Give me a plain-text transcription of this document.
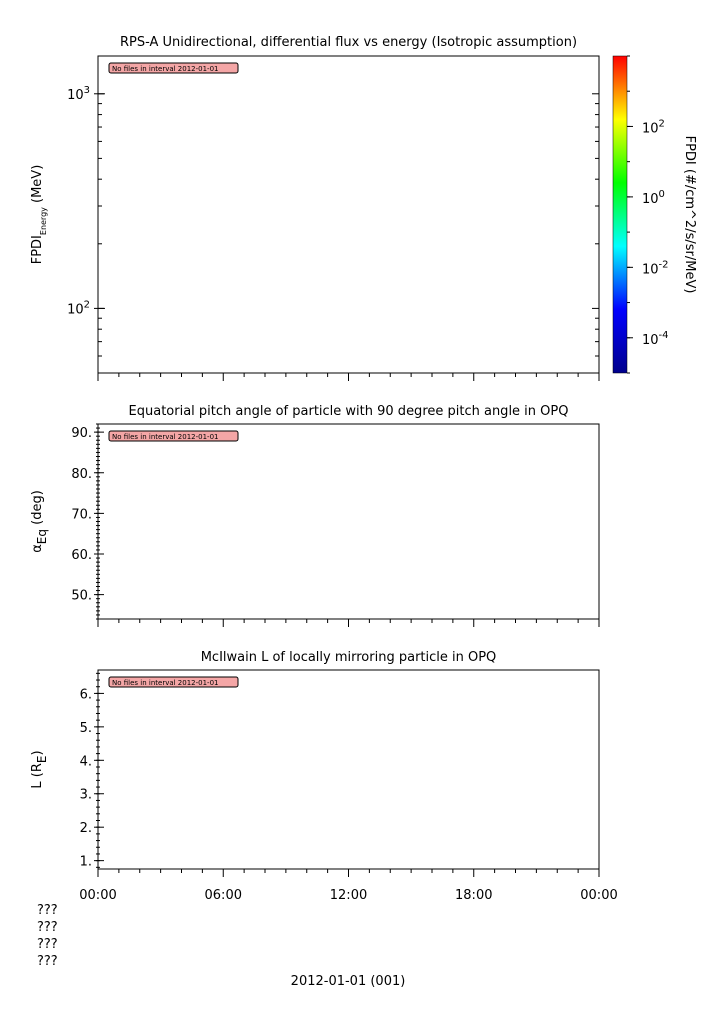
RPS-A Unidirectional, differential flux vs energy (Isotropic assumption)
$10^2$
$10^3$
$FPDI_{Energy}$ (MeV)
No files in interval 2012-01-01
Equatorial pitch angle of particle with 90 degree pitch angle in OPQ
50.
60.
70.
80.
90.
αEq (deg)
No files in interval 2012-01-01
McIlwain L of locally mirroring particle in OPQ
1.
2.
3.
4.
5.
6.
L (RE)
No files in interval 2012-01-01
00:00	06:00	12:00	18:00	00:00
???
???
???
???
2012-01-01 (001)
$10^{-4}$
$10^{-2}$
$10^0$
$10^2$
FPDI (#/cm^2/s/sr/MeV)
